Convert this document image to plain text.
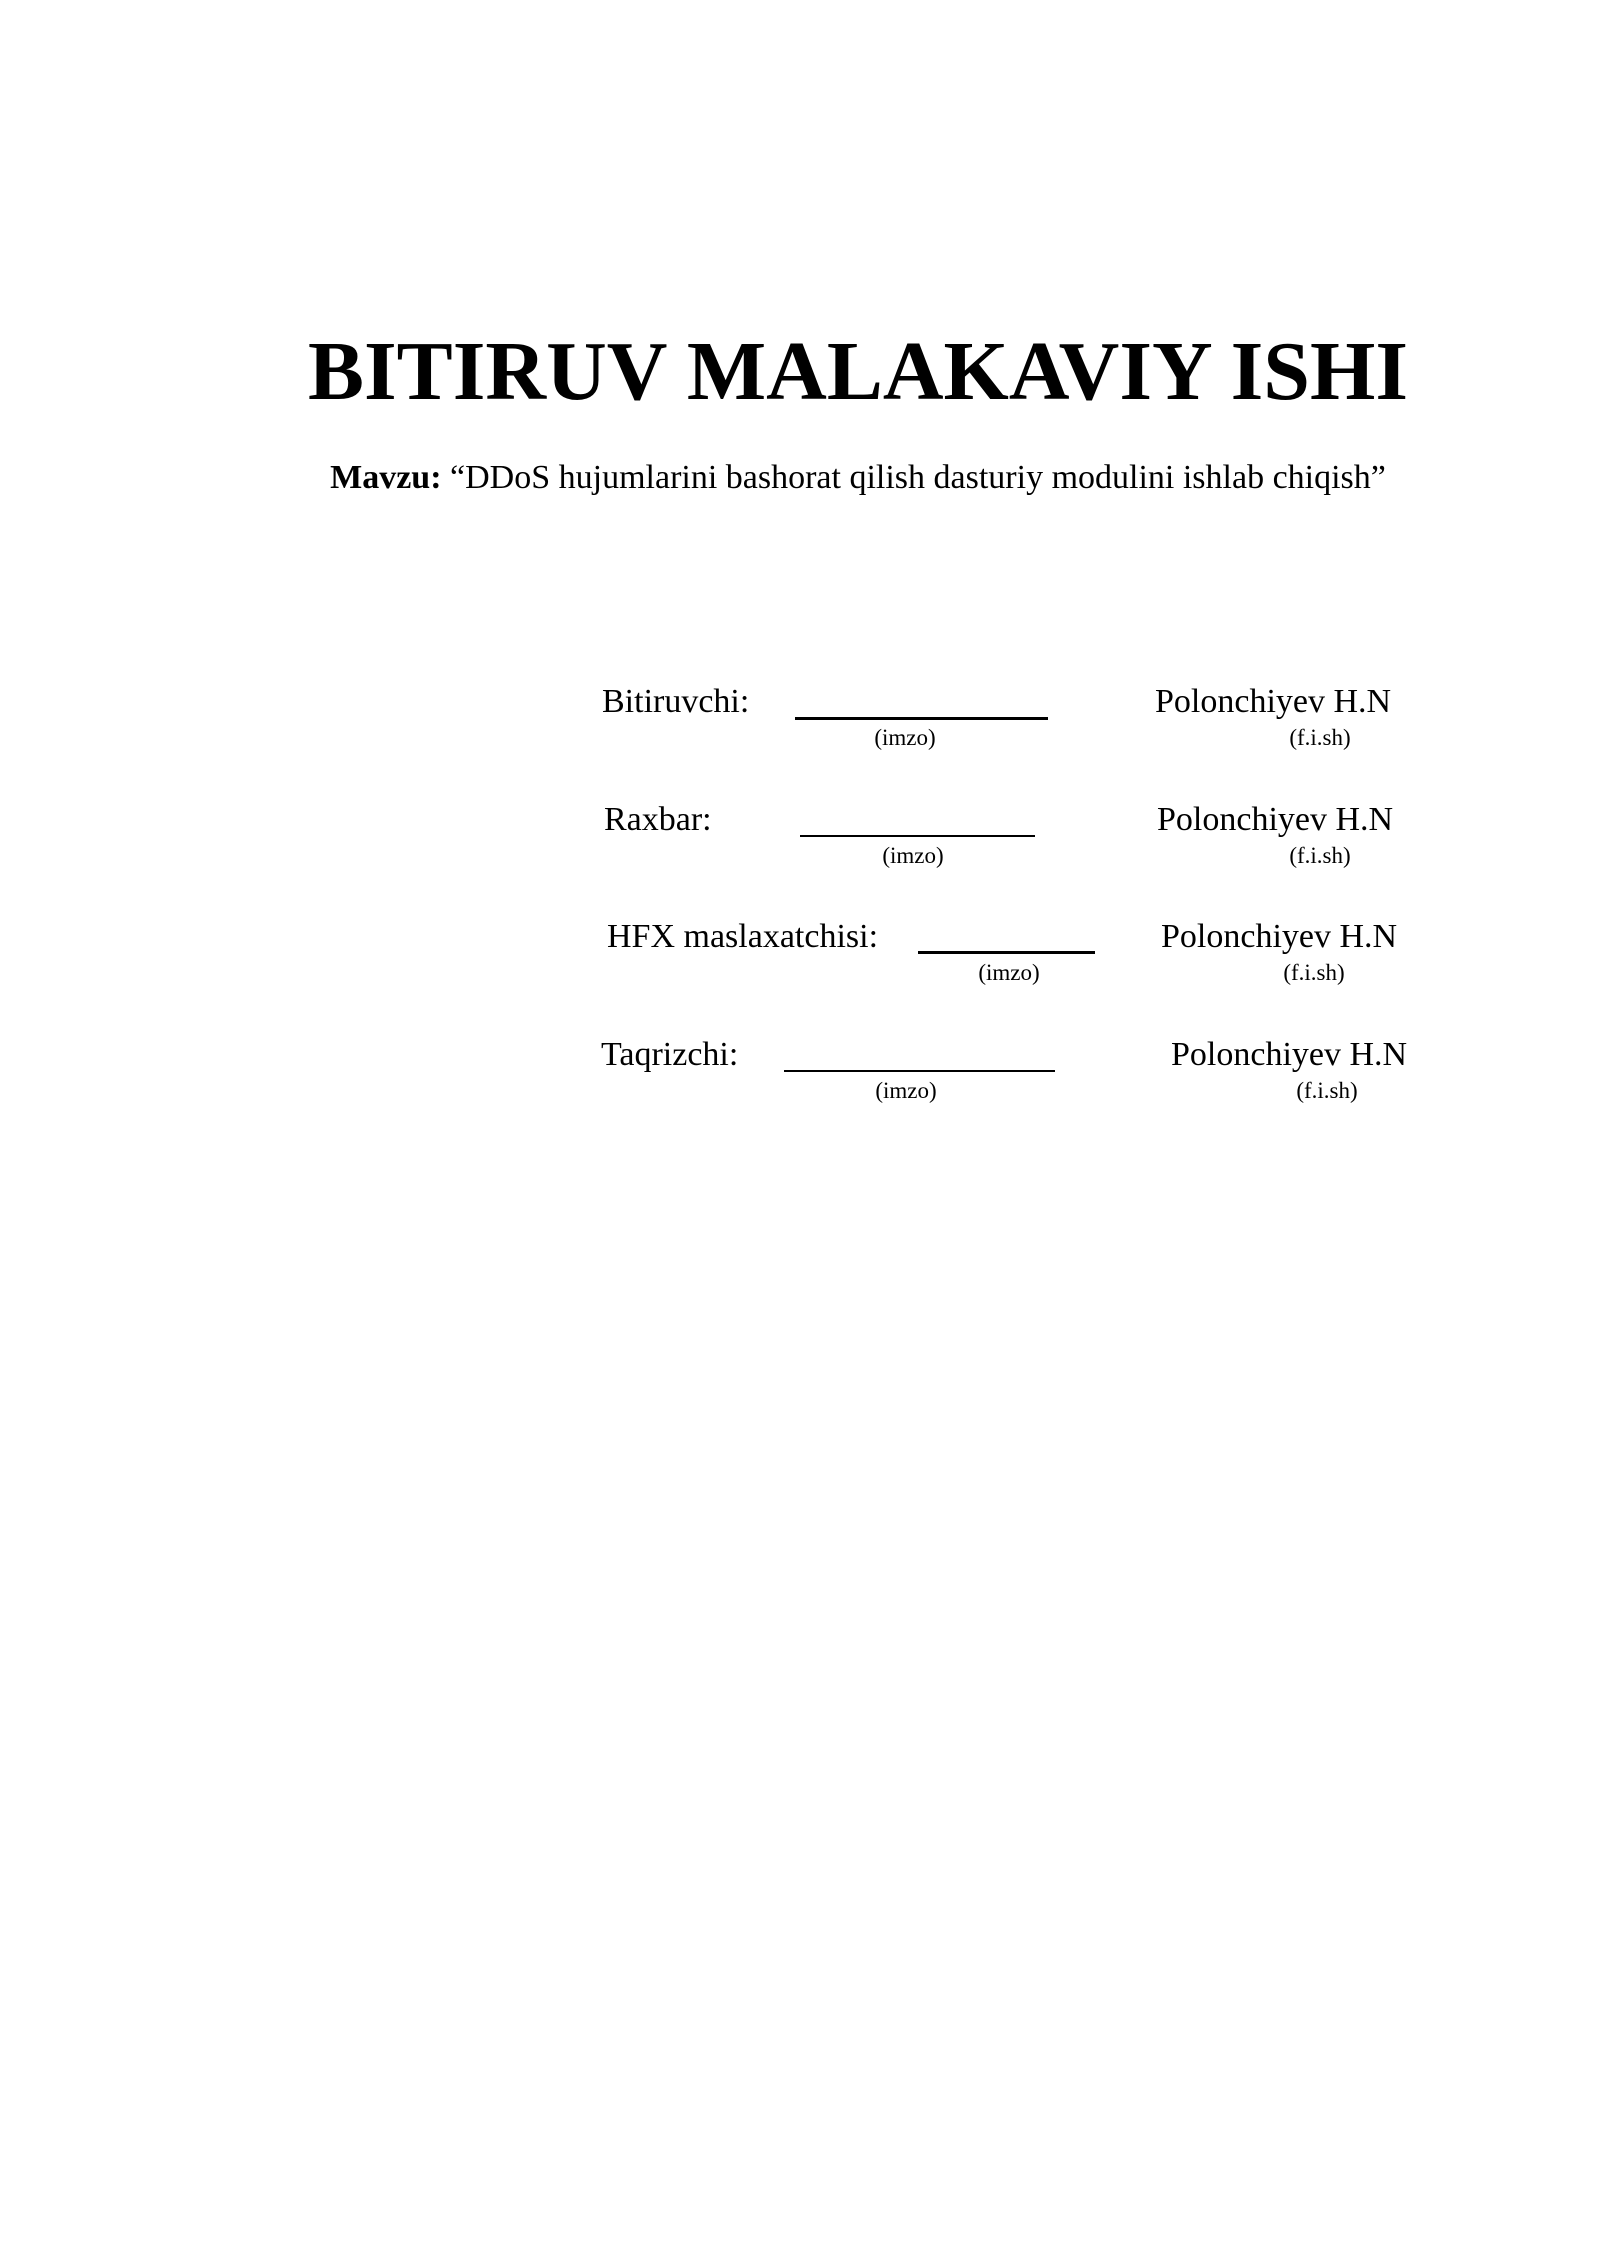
BITIRUV MALAKAVIY ISHI
Mavzu: “DDoS hujumlarini bashorat qilish dasturiy modulini ishlab chiqish”
Bitiruvchi:
(imzo)
Polonchiyev H.N
(f.i.sh)
Raxbar:
(imzo)
Polonchiyev H.N
(f.i.sh)
HFX maslaxatchisi:
(imzo)
Polonchiyev H.N
(f.i.sh)
Taqrizchi:
(imzo)
Polonchiyev H.N
(f.i.sh)
